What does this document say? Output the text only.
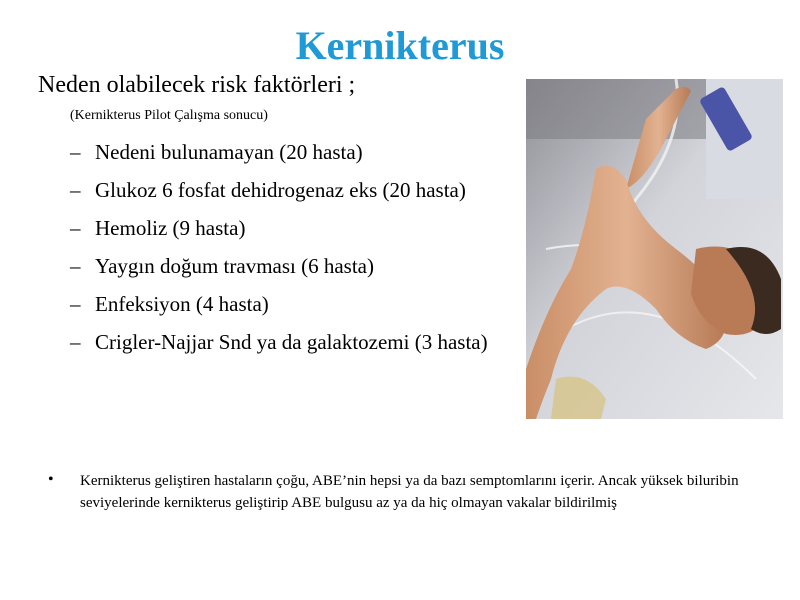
Kernikterus
Neden olabilecek risk faktörleri ;
(Kernikterus Pilot Çalışma sonucu)
– Nedeni bulunamayan (20 hasta)
– Glukoz 6 fosfat dehidrogenaz eks (20 hasta)
– Hemoliz (9 hasta)
– Yaygın doğum travması (6 hasta)
– Enfeksiyon (4 hasta)
– Crigler-Najjar Snd ya da galaktozemi (3 hasta)
•	Kernikterus geliştiren hastaların çoğu, ABE’nin hepsi ya da bazı semptomlarını içerir. Ancak yüksek biluribin seviyelerinde kernikterus geliştirip ABE bulgusu az ya da hiç olmayan vakalar bildirilmiş
